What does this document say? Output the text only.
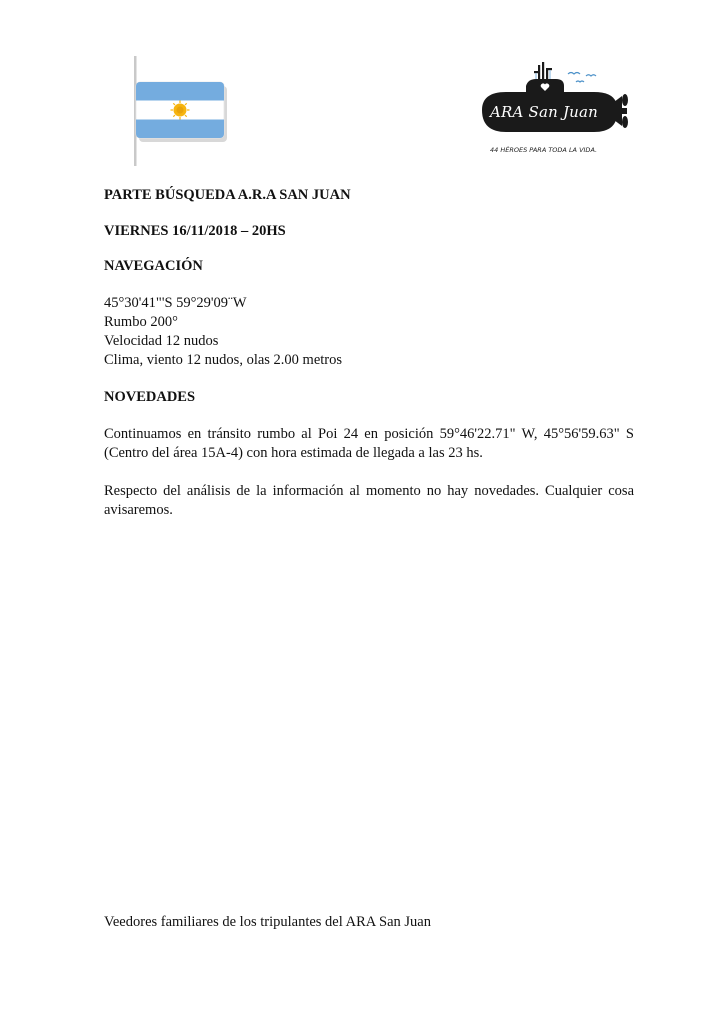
ARA San Juan
44 HÉROES PARA TODA LA VIDA.

PARTE BÚSQUEDA A.R.A SAN JUAN

VIERNES 16/11/2018 – 20HS

NAVEGACIÓN

45°30'41"'S 59°29'09¨W
Rumbo 200°
Velocidad 12 nudos
Clima, viento 12 nudos, olas 2.00 metros

NOVEDADES

Continuamos en tránsito rumbo al Poi 24 en posición 59°46'22.71" W, 45°56'59.63" S (Centro del área 15A-4) con hora estimada de llegada a las 23 hs.

Respecto del análisis de la información al momento no hay novedades. Cualquier cosa avisaremos.

Veedores familiares de los tripulantes del ARA San Juan
